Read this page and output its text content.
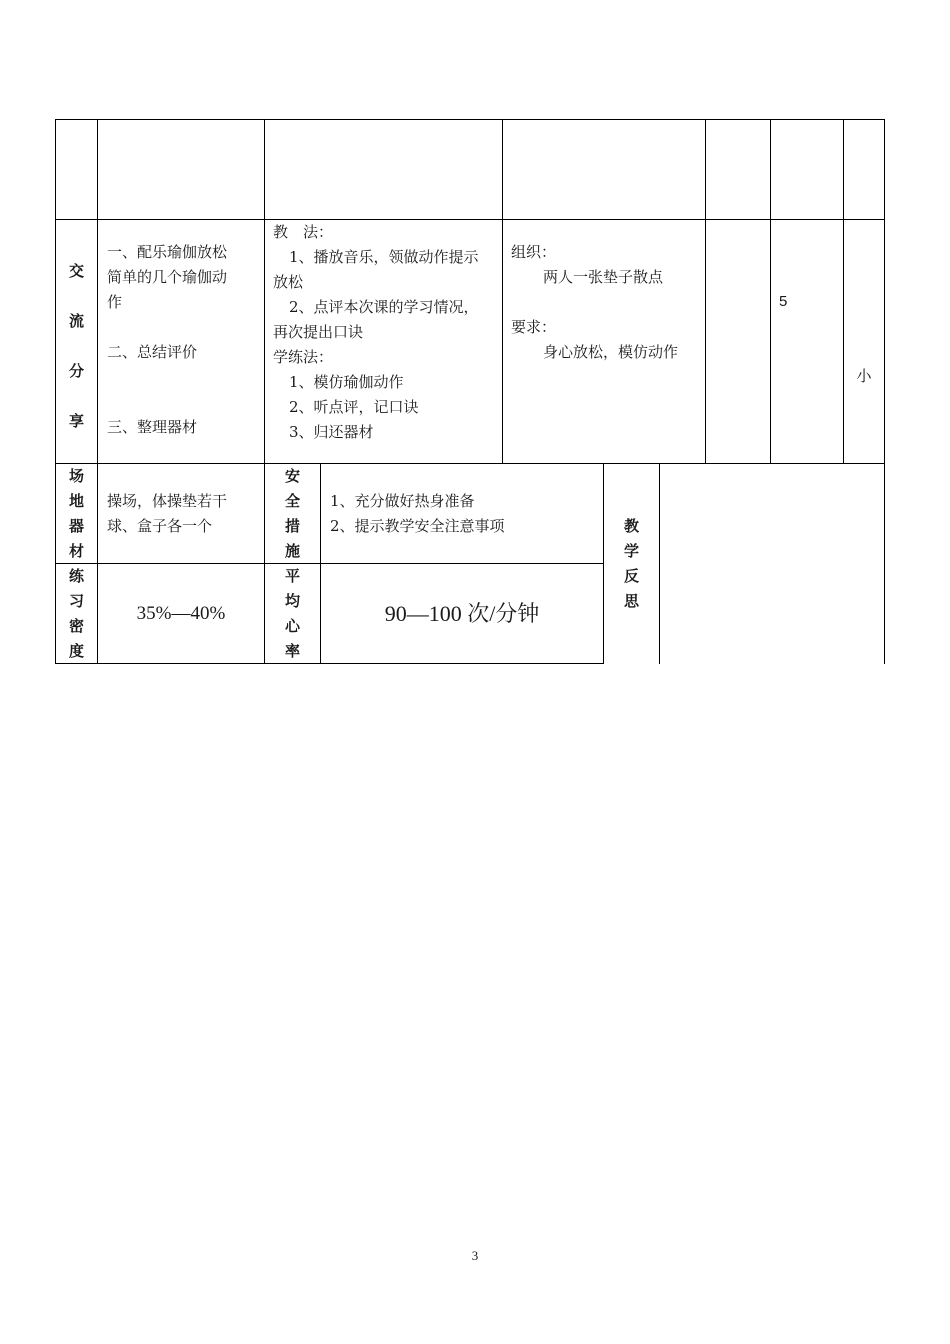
交
流
分
享
一、配乐瑜伽放松
简单的几个瑜伽动
作
二、总结评价
三、整理器材
教　法：
1、播放音乐，领做动作提示
放松
2、点评本次课的学习情况，
再次提出口诀
学练法：
1、模仿瑜伽动作
2、听点评，记口诀
3、归还器材
组织：
两人一张垫子散点
要求：
身心放松，模仿动作
5
小
场
地
器
材
操场，体操垫若干
球、盒子各一个
安
全
措
施
1、充分做好热身准备
2、提示教学安全注意事项	教
学
反
思
练
习
密
度
35%—40%
平
均
心
率
90—100 次/分钟
3
